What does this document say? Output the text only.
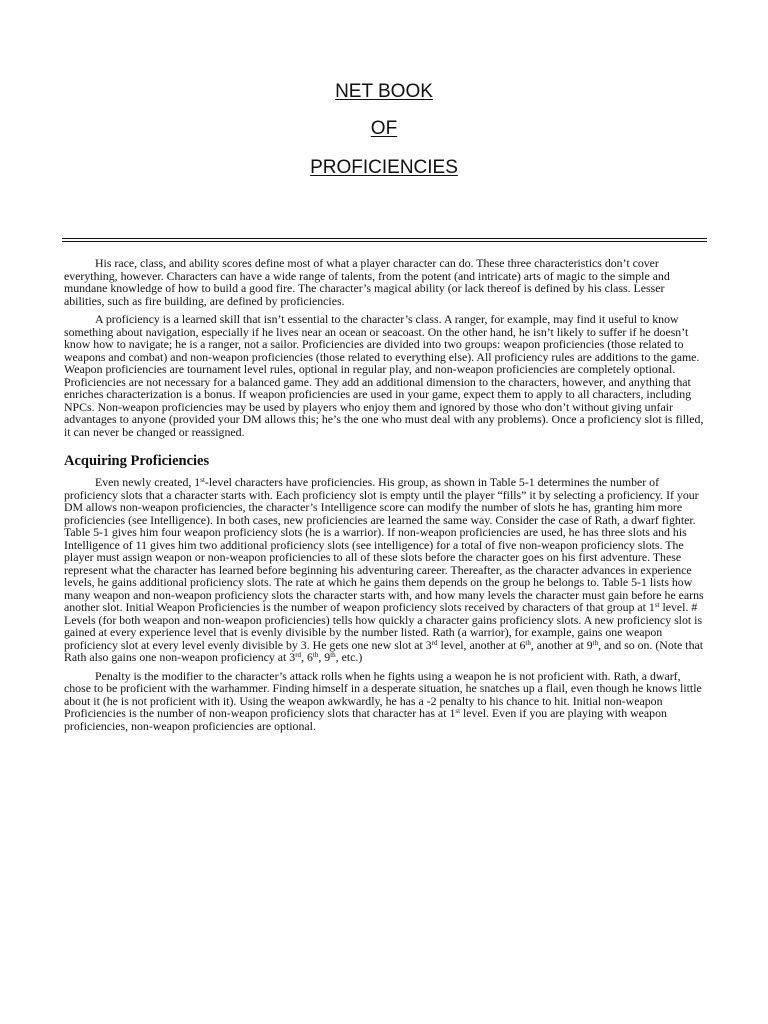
NET BOOK
OF
PROFICIENCIES

His race, class, and ability scores define most of what a player character can do. These three characteristics don’t cover everything, however. Characters can have a wide range of talents, from the potent (and intricate) arts of magic to the simple and mundane knowledge of how to build a good fire. The character’s magical ability (or lack thereof is defined by his class. Lesser abilities, such as fire building, are defined by proficiencies.

A proficiency is a learned skill that isn’t essential to the character’s class. A ranger, for example, may find it useful to know something about navigation, especially if he lives near an ocean or seacoast. On the other hand, he isn’t likely to suffer if he doesn’t know how to navigate; he is a ranger, not a sailor. Proficiencies are divided into two groups: weapon proficiencies (those related to weapons and combat) and non-weapon proficiencies (those related to everything else). All proficiency rules are additions to the game. Weapon proficiencies are tournament level rules, optional in regular play, and non-weapon proficiencies are completely optional. Proficiencies are not necessary for a balanced game. They add an additional dimension to the characters, however, and anything that enriches characterization is a bonus. If weapon proficiencies are used in your game, expect them to apply to all characters, including NPCs. Non-weapon proficiencies may be used by players who enjoy them and ignored by those who don’t without giving unfair advantages to anyone (provided your DM allows this; he’s the one who must deal with any problems). Once a proficiency slot is filled, it can never be changed or reassigned.

Acquiring Proficiencies

Even newly created, 1st-level characters have proficiencies. His group, as shown in Table 5-1 determines the number of proficiency slots that a character starts with. Each proficiency slot is empty until the player “fills” it by selecting a proficiency. If your DM allows non-weapon proficiencies, the character’s Intelligence score can modify the number of slots he has, granting him more proficiencies (see Intelligence). In both cases, new proficiencies are learned the same way. Consider the case of Rath, a dwarf fighter. Table 5-1 gives him four weapon proficiency slots (he is a warrior). If non-weapon proficiencies are used, he has three slots and his Intelligence of 11 gives him two additional proficiency slots (see intelligence) for a total of five non-weapon proficiency slots. The player must assign weapon or non-weapon proficiencies to all of these slots before the character goes on his first adventure. These represent what the character has learned before beginning his adventuring career. Thereafter, as the character advances in experience levels, he gains additional proficiency slots. The rate at which he gains them depends on the group he belongs to. Table 5-1 lists how many weapon and non-weapon proficiency slots the character starts with, and how many levels the character must gain before he earns another slot. Initial Weapon Proficiencies is the number of weapon proficiency slots received by characters of that group at 1st level. # Levels (for both weapon and non-weapon proficiencies) tells how quickly a character gains proficiency slots. A new proficiency slot is gained at every experience level that is evenly divisible by the number listed. Rath (a warrior), for example, gains one weapon proficiency slot at every level evenly divisible by 3. He gets one new slot at 3rd level, another at 6th, another at 9th, and so on. (Note that Rath also gains one non-weapon proficiency at 3rd, 6th, 9th, etc.)

Penalty is the modifier to the character’s attack rolls when he fights using a weapon he is not proficient with. Rath, a dwarf, chose to be proficient with the warhammer. Finding himself in a desperate situation, he snatches up a flail, even though he knows little about it (he is not proficient with it). Using the weapon awkwardly, he has a -2 penalty to his chance to hit. Initial non-weapon Proficiencies is the number of non-weapon proficiency slots that character has at 1st level. Even if you are playing with weapon proficiencies, non-weapon proficiencies are optional.
